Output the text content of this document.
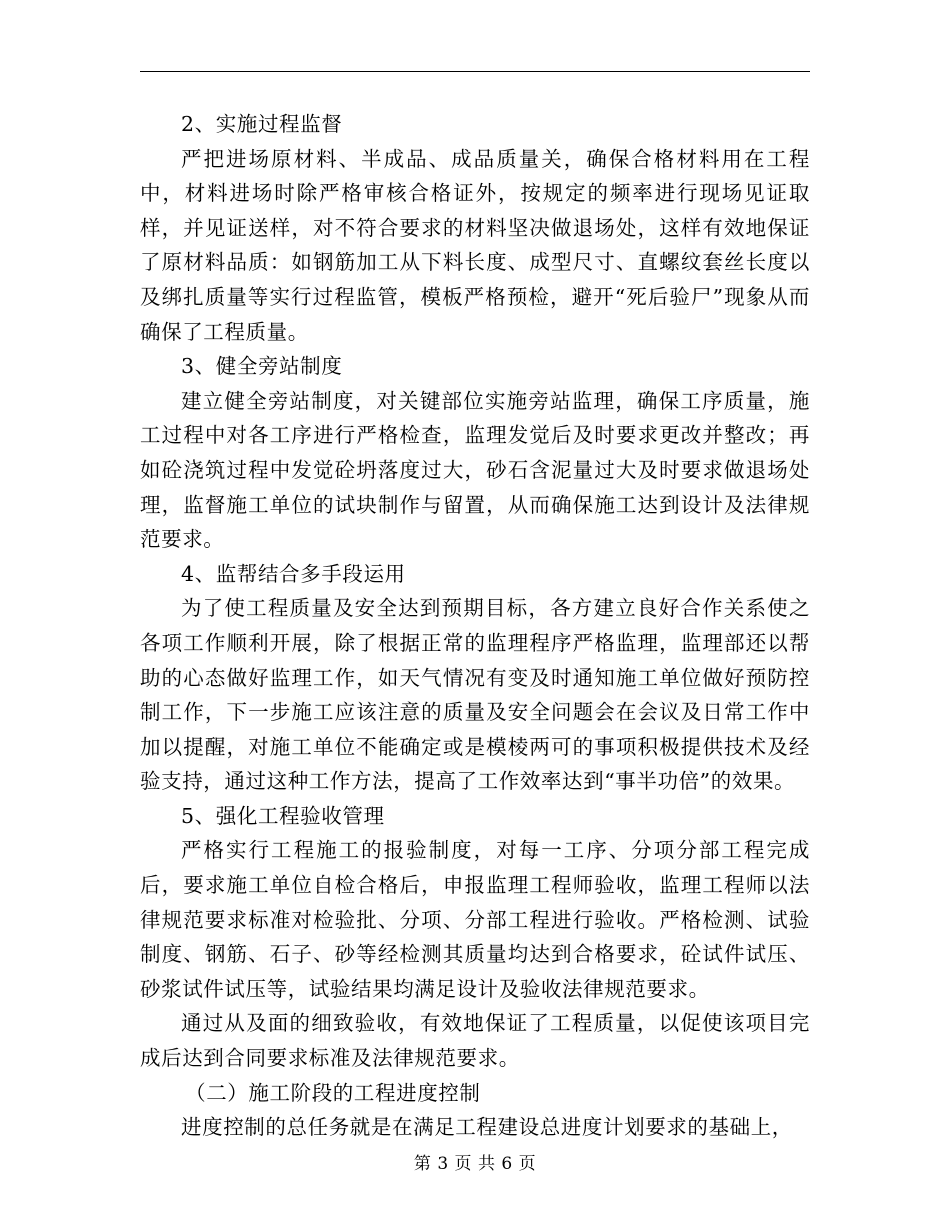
2、实施过程监督

严把进场原材料、半成品、成品质量关，确保合格材料用在工程中，材料进场时除严格审核合格证外，按规定的频率进行现场见证取样，并见证送样，对不符合要求的材料坚决做退场处，这样有效地保证了原材料品质：如钢筋加工从下料长度、成型尺寸、直螺纹套丝长度以及绑扎质量等实行过程监管，模板严格预检，避开“死后验尸”现象从而确保了工程质量。

3、健全旁站制度

建立健全旁站制度，对关键部位实施旁站监理，确保工序质量，施工过程中对各工序进行严格检查，监理发觉后及时要求更改并整改；再如砼浇筑过程中发觉砼坍落度过大，砂石含泥量过大及时要求做退场处理，监督施工单位的试块制作与留置，从而确保施工达到设计及法律规范要求。

4、监帮结合多手段运用

为了使工程质量及安全达到预期目标，各方建立良好合作关系使之各项工作顺利开展，除了根据正常的监理程序严格监理，监理部还以帮助的心态做好监理工作，如天气情况有变及时通知施工单位做好预防控制工作，下一步施工应该注意的质量及安全问题会在会议及日常工作中加以提醒，对施工单位不能确定或是模棱两可的事项积极提供技术及经验支持，通过这种工作方法，提高了工作效率达到“事半功倍”的效果。

5、强化工程验收管理

严格实行工程施工的报验制度，对每一工序、分项分部工程完成后，要求施工单位自检合格后，申报监理工程师验收，监理工程师以法律规范要求标准对检验批、分项、分部工程进行验收。严格检测、试验制度、钢筋、石子、砂等经检测其质量均达到合格要求，砼试件试压、砂浆试件试压等，试验结果均满足设计及验收法律规范要求。

通过从及面的细致验收，有效地保证了工程质量，以促使该项目完成后达到合同要求标准及法律规范要求。

（二）施工阶段的工程进度控制

进度控制的总任务就是在满足工程建设总进度计划要求的基础上，

第 3 页 共 6 页
